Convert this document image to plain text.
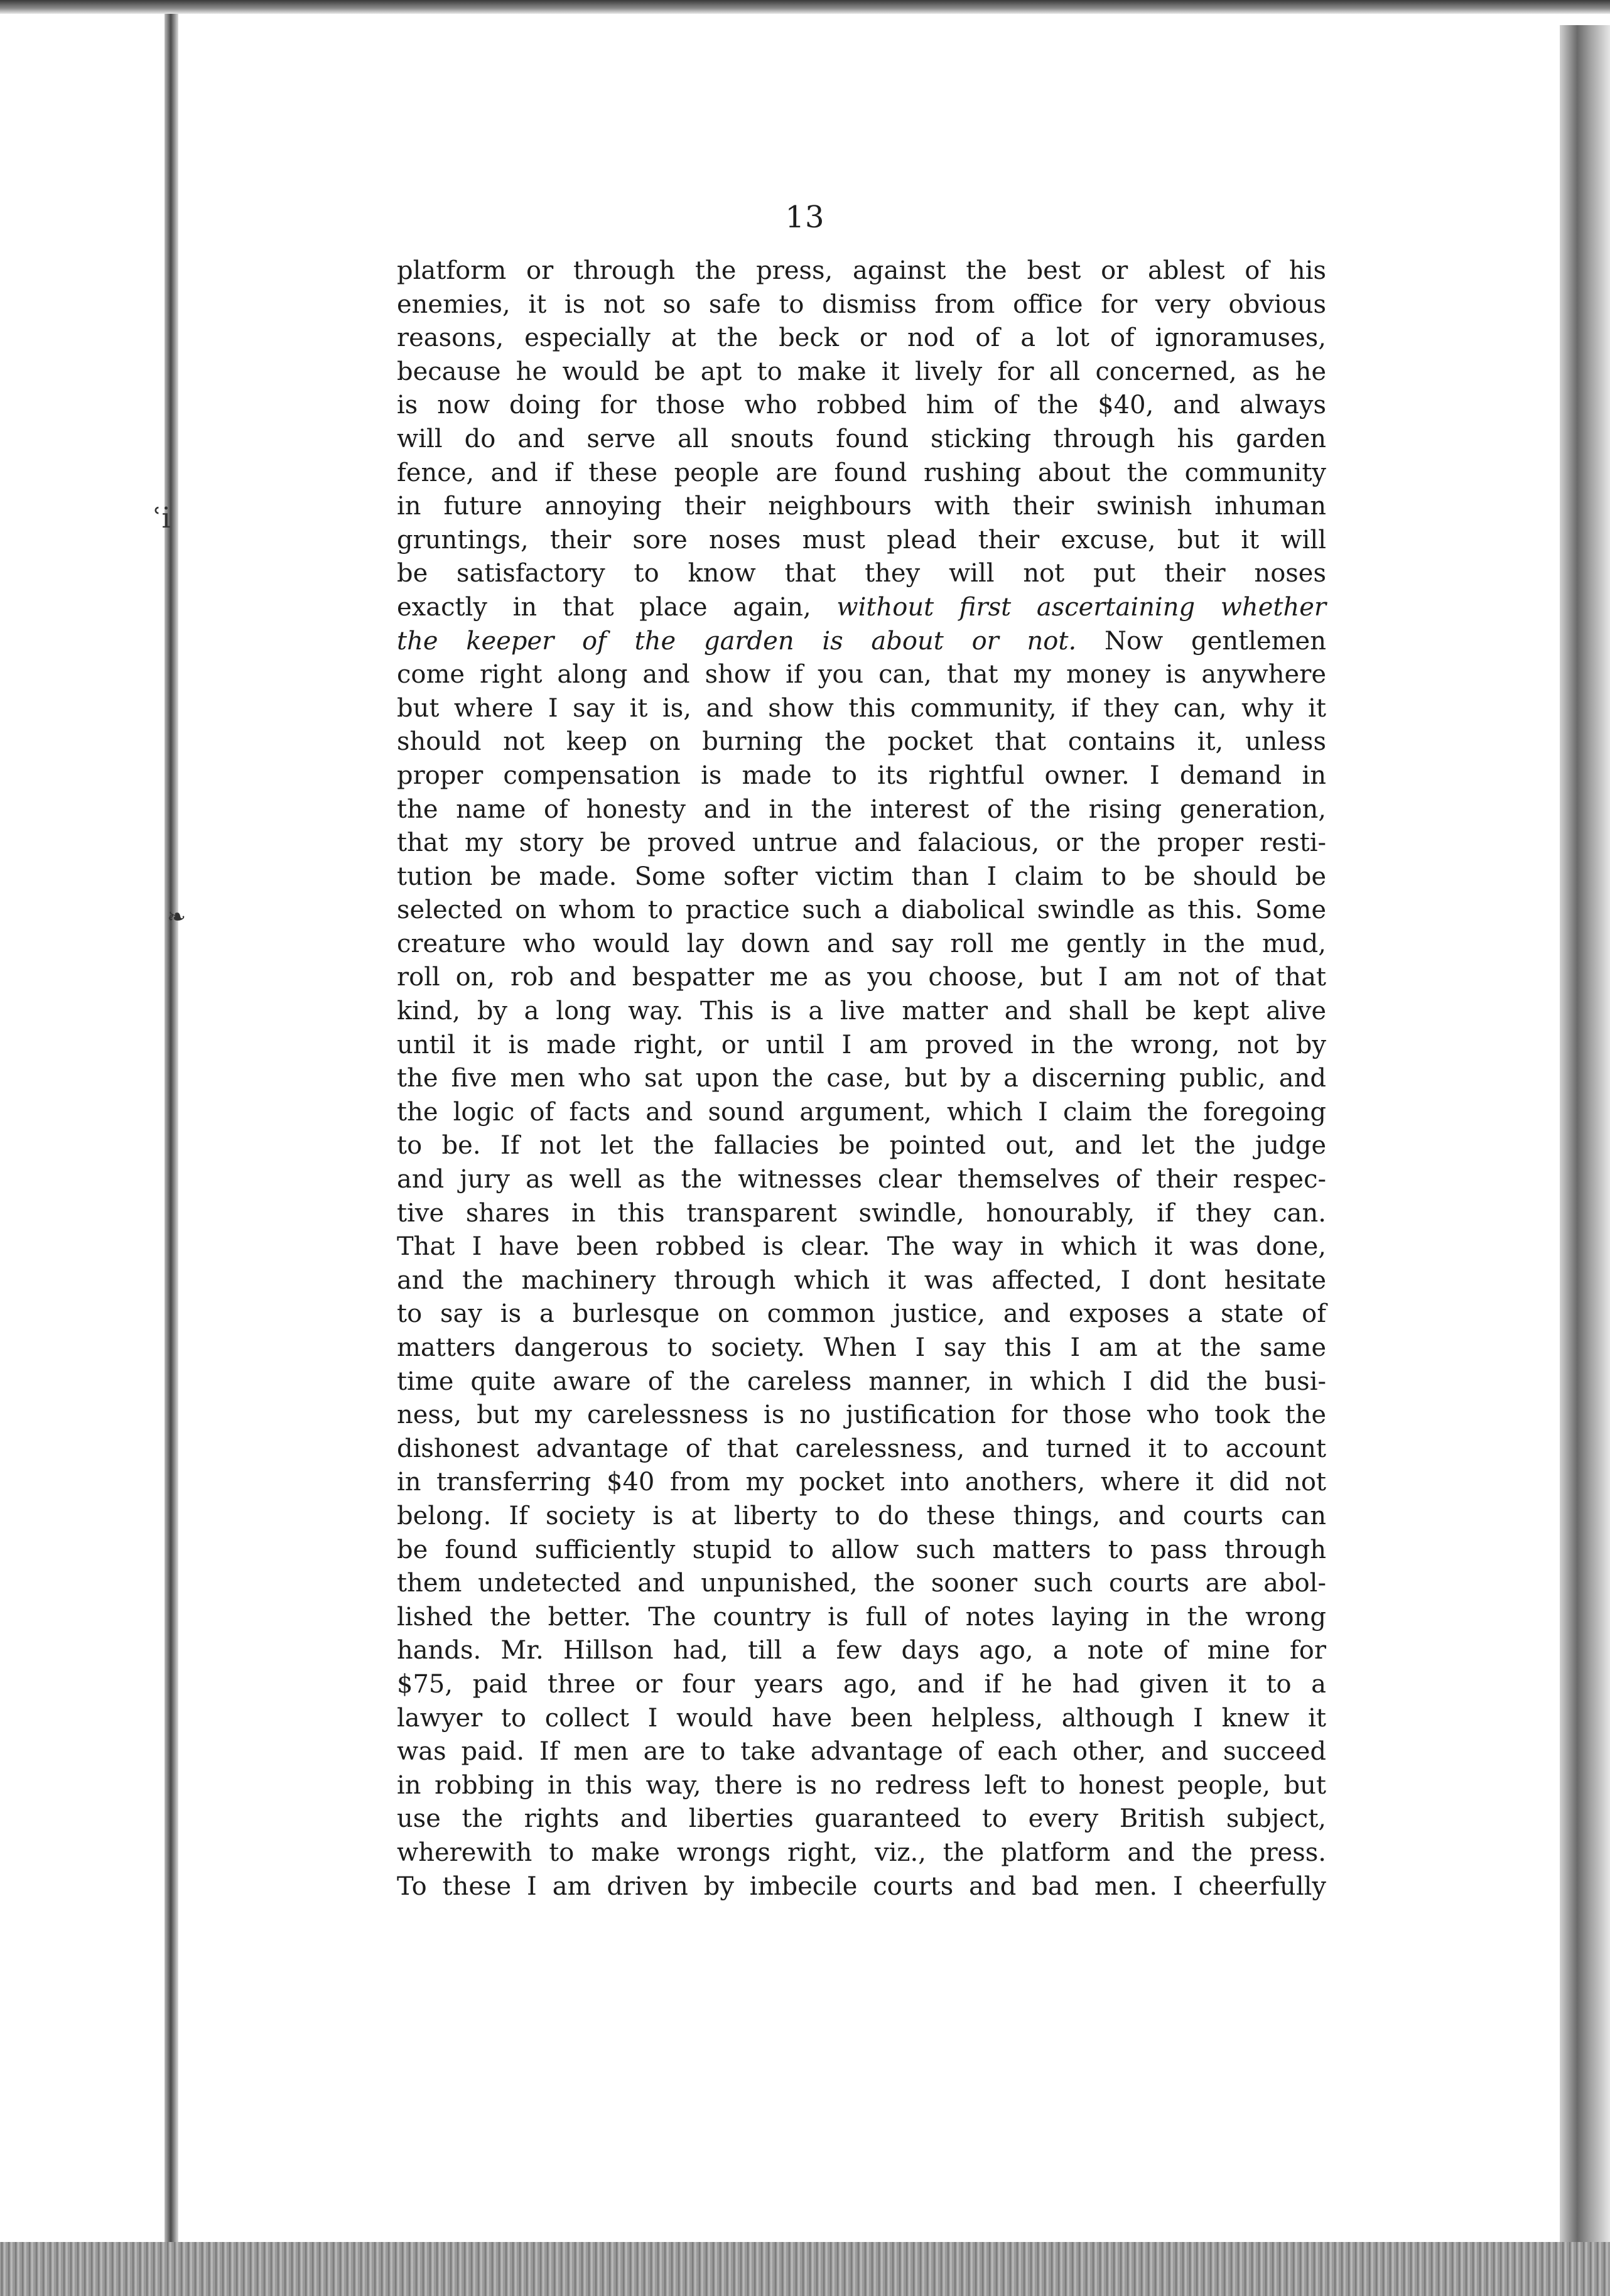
ʿı̇
❧
13
platform or through the press, against the best or ablest of his
enemies, it is not so safe to dismiss from office for very obvious
reasons, especially at the beck or nod of a lot of ignoramuses,
because he would be apt to make it lively for all concerned, as he
is now doing for those who robbed him of the $40, and always
will do and serve all snouts found sticking through his garden
fence, and if these people are found rushing about the community
in future annoying their neighbours with their swinish inhuman
gruntings, their sore noses must plead their excuse, but it will
be satisfactory to know that they will not put their noses
exactly in that place again, without first ascertaining whether
the keeper of the garden is about or not. Now gentlemen
come right along and show if you can, that my money is anywhere
but where I say it is, and show this community, if they can, why it
should not keep on burning the pocket that contains it, unless
proper compensation is made to its rightful owner. I demand in
the name of honesty and in the interest of the rising generation,
that my story be proved untrue and falacious, or the proper resti-
tution be made. Some softer victim than I claim to be should be
selected on whom to practice such a diabolical swindle as this. Some
creature who would lay down and say roll me gently in the mud,
roll on, rob and bespatter me as you choose, but I am not of that
kind, by a long way. This is a live matter and shall be kept alive
until it is made right, or until I am proved in the wrong, not by
the five men who sat upon the case, but by a discerning public, and
the logic of facts and sound argument, which I claim the foregoing
to be. If not let the fallacies be pointed out, and let the judge
and jury as well as the witnesses clear themselves of their respec-
tive shares in this transparent swindle, honourably, if they can.
That I have been robbed is clear. The way in which it was done,
and the machinery through which it was affected, I dont hesitate
to say is a burlesque on common justice, and exposes a state of
matters dangerous to society. When I say this I am at the same
time quite aware of the careless manner, in which I did the busi-
ness, but my carelessness is no justification for those who took the
dishonest advantage of that carelessness, and turned it to account
in transferring $40 from my pocket into anothers, where it did not
belong. If society is at liberty to do these things, and courts can
be found sufficiently stupid to allow such matters to pass through
them undetected and unpunished, the sooner such courts are abol-
lished the better. The country is full of notes laying in the wrong
hands. Mr. Hillson had, till a few days ago, a note of mine for
$75, paid three or four years ago, and if he had given it to a
lawyer to collect I would have been helpless, although I knew it
was paid. If men are to take advantage of each other, and succeed
in robbing in this way, there is no redress left to honest people, but
use the rights and liberties guaranteed to every British subject,
wherewith to make wrongs right, viz., the platform and the press.
To these I am driven by imbecile courts and bad men. I cheerfully
